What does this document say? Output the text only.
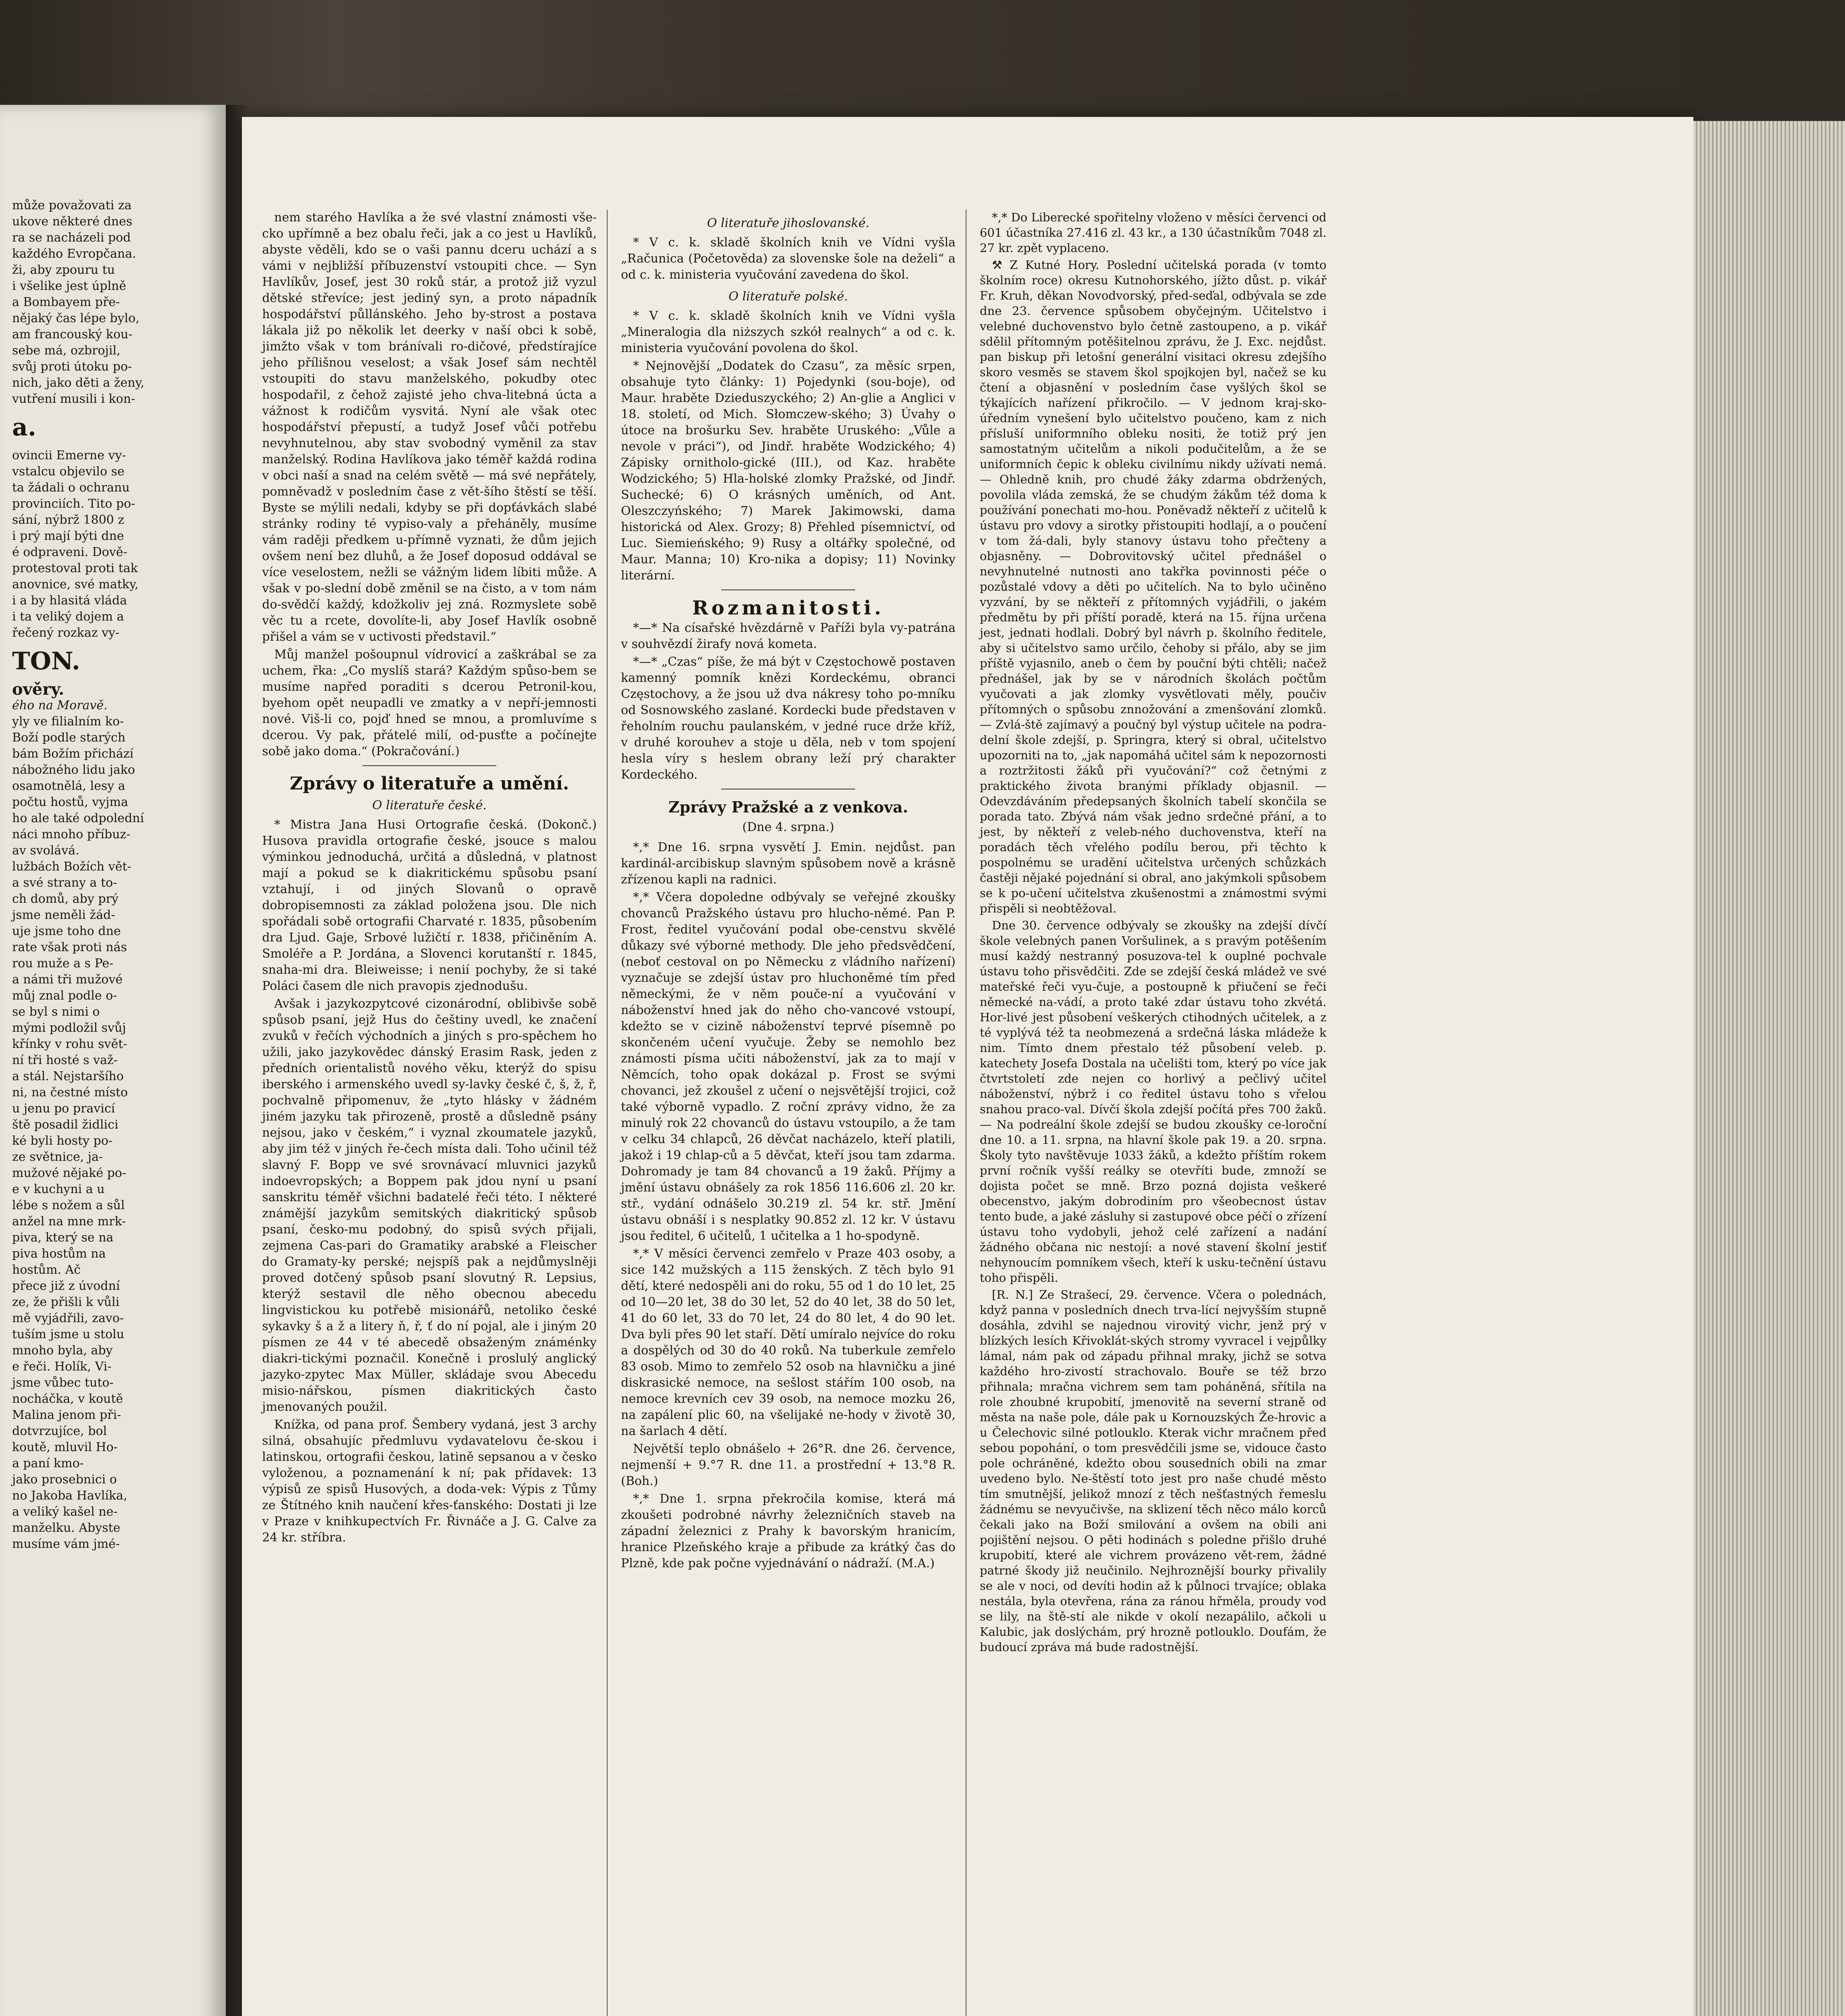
může považovati za

ukove některé dnes

ra se nacházeli pod

každého Evropčana.

ži, aby zpouru tu

i všelike jest úplně

a Bombayem pře-

nějaký čas lépe bylo,

am francouský kou-

sebe má, ozbrojil,

svůj proti útoku po-

nich, jako děti a ženy,

vutření musili i kon-

a.

ovincii Emerne vy-

vstalcu objevilo se

ta žádali o ochranu

provinciích. Tito po-

sání, nýbrž 1800 z

i prý mají býti dne

é odpraveni. Dově-

protestoval proti tak

anovnice, své matky,

i a by hlasitá vláda

i ta veliký dojem a

řečený rozkaz vy-

TON.

ověry.

ého na Moravě.

yly ve filialním ko-

Boží podle starých

bám Božím přichází

nábožného lidu jako

osamotnělá, lesy a

počtu hostů, vyjma

ho ale také odpolední

náci mnoho příbuz-

av svolává.

lužbách Božích vět-

a své strany a to-

ch domů, aby prý

jsme neměli žád-

uje jsme toho dne

rate však proti nás

rou muže a s Pe-

a námi tři mužové

můj znal podle o-

se byl s nimi o

mými podložil svůj

křínky v rohu svět-

ní tři hosté s važ-

a stál. Nejstaršího

ni, na čestné místo

u jenu po pravicí

ště posadil židlici

ké byli hosty po-

ze světnice, ja-

mužové nějaké po-

e v kuchyni a u

lébe s nožem a sůl

anžel na mne mrk-

piva, který se na

piva hostům na

hostům. Ač

přece již z úvodní

ze, že přišli k vůli

mě vyjádřili, zavo-

tuším jsme u stolu

mnoho byla, aby

e řeči. Holík, Vi-

jsme vůbec tuto-

nocháčka, v koutě

Malina jenom při-

dotvrzujíce, bol

koutě, mluvil Ho-

a paní kmo-

jako prosebnici o

no Jakoba Havlíka,

a veliký kašel ne-

manželku. Abyste

musíme vám jmé-

nem starého Havlíka a že své vlastní známosti vše-cko upřímně a bez obalu řeči, jak a co jest u Havlíků, abyste věděli, kdo se o vaši pannu dceru uchází a s vámi v nejbližší příbuzenství vstoupiti chce. — Syn Havlíkův, Josef, jest 30 roků stár, a protož již vyzul dětské střevíce; jest jediný syn, a proto nápadník hospodářství půllánského. Jeho by-strost a postava lákala již po několik let deerky v naší obci k sobě, jimžto však v tom bránívali ro-dičové, předstírajíce jeho přílišnou veselost; a však Josef sám nechtěl vstoupiti do stavu manželského, pokudby otec hospodařil, z čehož zajisté jeho chva-litebná úcta a vážnost k rodičům vysvitá. Nyní ale však otec hospodářství přepustí, a tudyž Josef vůči potřebu nevyhnutelnou, aby stav svobodný vyměnil za stav manželský. Rodina Havlíkova jako téměř každá rodina v obci naší a snad na celém světě — má své nepřátely, pomněvadž v posledním čase z vět-šího štěstí se těší. Byste se mýlili nedali, kdyby se při dopťávkách slabé stránky rodiny té vypiso-valy a přeháněly, musíme vám raději předkem u-přímně vyznati, že dům jejich ovšem není bez dluhů, a že Josef doposud oddával se více veselostem, nežli se vážným lidem líbiti může. A však v po-slední době změnil se na čisto, a v tom nám do-svědčí každý, kdožkoliv jej zná. Rozmyslete sobě věc tu a rcete, dovolíte-li, aby Josef Havlík osobně přišel a vám se v uctivosti představil.“

Můj manžel pošoupnul vídrovicí a zaškrábal se za uchem, řka: „Co myslíš stará? Každým spůso-bem se musíme napřed poraditi s dcerou Petronil-kou, byehom opět neupadli ve zmatky a v nepří-jemnosti nové. Viš-li co, pojď hned se mnou, a promluvíme s dcerou. Vy pak, přátelé milí, od-pusťte a počínejte sobě jako doma.“ (Pokračování.)

Zprávy o literatuře a umění.
O literatuře české.

* Mistra Jana Husi Ortografie česká. (Dokonč.) Husova pravidla ortografie české, jsouce s malou výminkou jednoduchá, určitá a důsledná, v platnost mají a pokud se k diakritickému spůsobu psaní vztahují, i od jiných Slovanů o opravě dobropisemnosti za základ položena jsou. Dle nich spořádali sobě ortografii Charvaté r. 1835, působením dra Ljud. Gaje, Srbové lužičtí r. 1838, přičiněním A. Smoléře a P. Jordána, a Slovenci korutanští r. 1845, snaha-mi dra. Bleiweisse; i nenií pochyby, že si také Poláci časem dle nich pravopis zjednodušu.

Avšak i jazykozpytcové cizonárodní, oblibivše sobě spůsob psaní, jejž Hus do češtiny uvedl, ke značení zvuků v řečích východních a jiných s pro-spěchem ho užili, jako jazykovědec dánský Erasim Rask, jeden z předních orientalistů nového věku, kterýž do spisu iberského i armenského uvedl sy-lavky české č, š, ž, ř, pochvalně připomenuv, že „tyto hlásky v žádném jiném jazyku tak přirozeně, prostě a důsledně psány nejsou, jako v českém,“ i vyznal zkoumatele jazyků, aby jim též v jiných ře-čech místa dali. Toho učinil též slavný F. Bopp ve své srovnávací mluvnici jazyků indoevropských; a Boppem pak jdou nyní u psaní sanskritu téměř všichni badatelé řeči této. I některé známější jazykům semitských diakritický spůsob psaní, česko-mu podobný, do spisů svých přijali, zejmena Cas-pari do Gramatiky arabské a Fleischer do Gramaty-ky perské; nejspíš pak a nejdůmyslněji proved dotčený spůsob psaní slovutný R. Lepsius, kterýž sestavil dle něho obecnou abecedu lingvistickou ku potřebě misionářů, netoliko české sykavky š a ž a litery ň, ř, ť do ní pojal, ale i jiným 20 písmen ze 44 v té abecedě obsaženým známénky diakri-tickými poznačil. Konečně i proslulý anglický jazyko-zpytec Max Müller, skládaje svou Abecedu misio-nářskou, písmen diakritických často jmenovaných použil.

Knížka, od pana prof. Šembery vydaná, jest 3 archy silná, obsahujíc předmluvu vydavatelovu če-skou i latinskou, ortografii českou, latině sepsanou a v česko vyloženou, a poznamenání k ní; pak přídavek: 13 výpisů ze spisů Husových, a doda-vek: Výpis z Tůmy ze Štítného knih naučení křes-ťanského: Dostati ji lze v Praze v knihkupectvích Fr. Řivnáče a J. G. Calve za 24 kr. stříbra.

O literatuře jihoslovanské.

* V c. k. skladě školních knih ve Vídni vyšla „Računica (Početověda) za slovenske šole na deželi“ a od c. k. ministeria vyučování zavedena do škol.

O literatuře polské.

* V c. k. skladě školních knih ve Vídni vyšla „Mineralogia dla niższych szkół realnych“ a od c. k. ministeria vyučování povolena do škol.

* Nejnovější „Dodatek do Czasu“, za měsíc srpen, obsahuje tyto články: 1) Pojedynki (sou-boje), od Maur. hraběte Dzieduszyckého; 2) An-glie a Anglici v 18. století, od Mich. Słomczew-ského; 3) Úvahy o útoce na brošurku Sev. hraběte Uruského: „Vůle a nevole v práci“), od Jindř. hraběte Wodzického; 4) Zápisky ornitholo-gické (III.), od Kaz. hraběte Wodzického; 5) Hla-holské zlomky Pražské, od Jindř. Suchecké; 6) O krásných uměních, od Ant. Oleszczyńského; 7) Marek Jakimowski, dama historická od Alex. Grozy; 8) Přehled písemnictví, od Luc. Siemieńského; 9) Rusy a oltářky společné, od Maur. Manna; 10) Kro-nika a dopisy; 11) Novinky literární.

Rozmanitosti.

*—* Na císařské hvězdárně v Paříži byla vy-patrána v souhvězdí žirafy nová kometa.

*—* „Czas“ píše, že má být v Częstochowě postaven kamenný pomník knězi Kordeckému, obranci Częstochovy, a že jsou už dva nákresy toho po-mníku od Sosnowského zaslané. Kordecki bude představen v řeholním rouchu paulanském, v jedné ruce drže kříž, v druhé korouhev a stoje u děla, neb v tom spojení hesla víry s heslem obrany leží prý charakter Kordeckého.

Zprávy Pražské a z venkova.
(Dne 4. srpna.)

*,* Dne 16. srpna vysvětí J. Emin. nejdůst. pan kardinál-arcibiskup slavným spůsobem nově a krásně zřízenou kapli na radnici.

*,* Včera dopoledne odbývaly se veřejné zkoušky chovanců Pražského ústavu pro hlucho-němé. Pan P. Frost, ředitel vyučování podal obe-censtvu skvělé důkazy své výborné methody. Dle jeho předsvědčení, (neboť cestoval on po Německu z vládního nařízení) vyznačuje se zdejší ústav pro hluchoněmé tím před německými, že v něm pouče-ní a vyučování v náboženství hned jak do něho cho-vancové vstoupí, kdežto se v cizině náboženství teprvé písemně po skončeném učení vyučuje. Žeby se nemohlo bez známosti písma učiti náboženství, jak za to mají v Němcích, toho opak dokázal p. Frost se svými chovanci, jež zkoušel z učení o nejsvětější trojici, což také výborně vypadlo. Z roční zprávy vidno, že za minulý rok 22 chovanců do ústavu vstoupilo, a že tam v celku 34 chlapců, 26 děvčat nacházelo, kteří platili, jakož i 19 chlap-ců a 5 děvčat, kteří jsou tam zdarma. Dohromady je tam 84 chovanců a 19 žaků. Příjmy a jmění ústavu obnášely za rok 1856 116.606 zl. 20 kr. stř., vydání odnášelo 30.219 zl. 54 kr. stř. Jmění ústavu obnáší i s nesplatky 90.852 zl. 12 kr. V ústavu jsou ředitel, 6 učitelů, 1 učitelka a 1 ho-spodyně.

*,* V měsíci červenci zemřelo v Praze 403 osoby, a sice 142 mužských a 115 ženských. Z těch bylo 91 dětí, které nedospěli ani do roku, 55 od 1 do 10 let, 25 od 10—20 let, 38 do 30 let, 52 do 40 let, 38 do 50 let, 41 do 60 let, 33 do 70 let, 24 do 80 let, 4 do 90 let. Dva byli přes 90 let staří. Dětí umíralo nejvíce do roku a dospělých od 30 do 40 roků. Na tuberkule zemřelo 83 osob. Mimo to zemřelo 52 osob na hlavničku a jiné diskrasické nemoce, na sešlost stářím 100 osob, na nemoce krevních cev 39 osob, na nemoce mozku 26, na zapálení plic 60, na všelijaké ne-hody v životě 30, na šarlach 4 dětí.

Největší teplo obnášelo + 26°R. dne 26. července, nejmenší + 9.°7 R. dne 11. a prostřední + 13.°8 R. (Boh.)

*,* Dne 1. srpna překročila komise, která má zkoušeti podrobné návrhy železničních staveb na západní železnici z Prahy k bavorským hranicím, hranice Plzeňského kraje a přibude za krátký čas do Plzně, kde pak počne vyjednávání o nádraží. (M.A.)

*,* Do Liberecké spořitelny vloženo v měsíci červenci od 601 účastníka 27.416 zl. 43 kr., a 130 účastníkům 7048 zl. 27 kr. zpět vyplaceno.

⚒ Z Kutné Hory. Poslední učitelská porada (v tomto školním roce) okresu Kutnohorského, jížto důst. p. vikář Fr. Kruh, děkan Novodvorský, před-seďal, odbývala se zde dne 23. července spůsobem obyčejným. Učitelstvo i velebné duchovenstvo bylo četně zastoupeno, a p. vikář sdělil přítomným potěšitelnou zprávu, že J. Exc. nejdůst. pan biskup při letošní generální visitaci okresu zdejšího skoro vesměs se stavem škol spojkojen byl, načež se ku čtení a objasnění v posledním čase vyšlých škol se týkajících nařízení přikročilo. — V jednom kraj-sko-úředním vynešení bylo učitelstvo poučeno, kam z nich přísluší uniformního obleku nositi, že totiž prý jen samostatným učitelům a nikoli podučitelům, a že se uniformních čepic k obleku civilnímu nikdy užívati nemá. — Ohledně knih, pro chudé žáky zdarma obdržených, povolila vláda zemská, že se chudým žákům též doma k používání ponechati mo-hou. Poněvadž někteří z učitelů k ústavu pro vdovy a sirotky přistoupiti hodlají, a o poučení v tom žá-dali, byly stanovy ústavu toho přečteny a objasněny. — Dobrovitovský učitel přednášel o nevyhnutelné nutnosti ano takřka povinnosti péče o pozůstalé vdovy a děti po učitelích. Na to bylo učiněno vyzvání, by se někteří z přítomných vyjádřili, o jakém předmětu by při příští poradě, která na 15. října určena jest, jednati hodlali. Dobrý byl návrh p. školního ředitele, aby si učitelstvo samo určilo, čehoby si přálo, aby se jim příště vyjasnilo, aneb o čem by pouční býti chtěli; načež přednášel, jak by se v národních školách počtům vyučovati a jak zlomky vysvětlovati měly, poučiv přítomných o spůsobu znnožování a zmenšování zlomků. — Zvlá-ště zajímavý a poučný byl výstup učitele na podra-delní škole zdejší, p. Springra, který si obral, učitelstvo upozorniti na to, „jak napomáhá učitel sám k nepozornosti a roztržitosti žáků při vyučování?“ což četnými z praktického života branými příklady objasnil. — Odevzdáváním předepsaných školních tabelí skončila se porada tato. Zbývá nám však jedno srdečné přání, a to jest, by někteří z veleb-ného duchovenstva, kteří na poradách těch vřelého podílu berou, při těchto k pospolnému se uradění učitelstva určených schůzkách častěji nějaké pojednání si obral, ano jakýmkoli spůsobem se k po-učení učitelstva zkušenostmi a známostmi svými přispěli si neobtěžoval.

Dne 30. července odbývaly se zkoušky na zdejší dívčí škole velebných panen Voršulinek, a s pravým potěšením musí každý nestranný posuzova-tel k ouplné pochvale ústavu toho přisvědčiti. Zde se zdejší česká mládež ve své mateřské řeči vyu-čuje, a postoupně k přiučení se řeči německé na-vádí, a proto také zdar ústavu toho zkvétá. Hor-livé jest působení veškerých ctihodných učitelek, a z té vyplývá též ta neobmezená a srdečná láska mládeže k nim. Tímto dnem přestalo též působení veleb. p. katechety Josefa Dostala na učelišti tom, který po více jak čtvrtstoletí zde nejen co horlivý a pečlivý učitel náboženství, nýbrž i co ředitel ústavu toho s vřelou snahou praco-val. Dívčí škola zdejší počítá přes 700 žaků. — Na podreální škole zdejší se budou zkoušky ce-loroční dne 10. a 11. srpna, na hlavní škole pak 19. a 20. srpna. Školy tyto navštěvuje 1033 žáků, a kdežto příštím rokem první ročník vyšší reálky se otevříti bude, zmnoží se dojista počet se mně. Brzo pozná dojista veškeré obecenstvo, jakým dobrodiním pro všeobecnost ústav tento bude, a jaké zásluhy si zastupové obce péčí o zřízení ústavu toho vydobyli, jehož celé zařízení a nadání žádného občana nic nestojí: a nové stavení školní jestiť nehynoucím pomníkem všech, kteří k usku-tečnění ústavu toho přispěli.

[R. N.] Ze Strašecí, 29. července. Včera o polednách, když panna v posledních dnech trva-lící nejvyšším stupně dosáhla, zdvihl se najednou virovitý vichr, jenž prý v blízkých lesích Křivoklát-ských stromy vyvracel i vejpůlky lámal, nám pak od západu přihnal mraky, jichž se sotva každého hro-zivostí strachovalo. Bouře se též brzo přihnala; mračna vichrem sem tam poháněná, sřítila na role zhoubné krupobití, jmenovitě na severní straně od města na naše pole, dále pak u Kornouzských Že-hrovic a u Čelechovic silné potlouklo. Kterak vichr mračnem před sebou popohání, o tom presvědčili jsme se, vidouce často pole ochráněné, kdežto obou sousedních obili na zmar uvedeno bylo. Ne-štěstí toto jest pro naše chudé město tím smutnější, jelikož mnozí z těch nešťastných řemeslu žádnému se nevyučivše, na sklizení těch něco málo korců čekali jako na Boží smilování a ovšem na obili ani pojištění nejsou. O pěti hodinách s poledne přišlo druhé krupobití, které ale vichrem provázeno vět-rem, žádné patrné škody již neučinilo. Nejhroznější bourky přivalily se ale v noci, od devíti hodin až k půlnoci trvajíce; oblaka nestála, byla otevřena, rána za ránou hřměla, proudy vod se lily, na ště-stí ale nikde v okolí nezapálilo, ačkoli u Kalubic, jak doslýchám, prý hrozně potlouklo. Doufám, že budoucí zpráva má bude radostnější.
